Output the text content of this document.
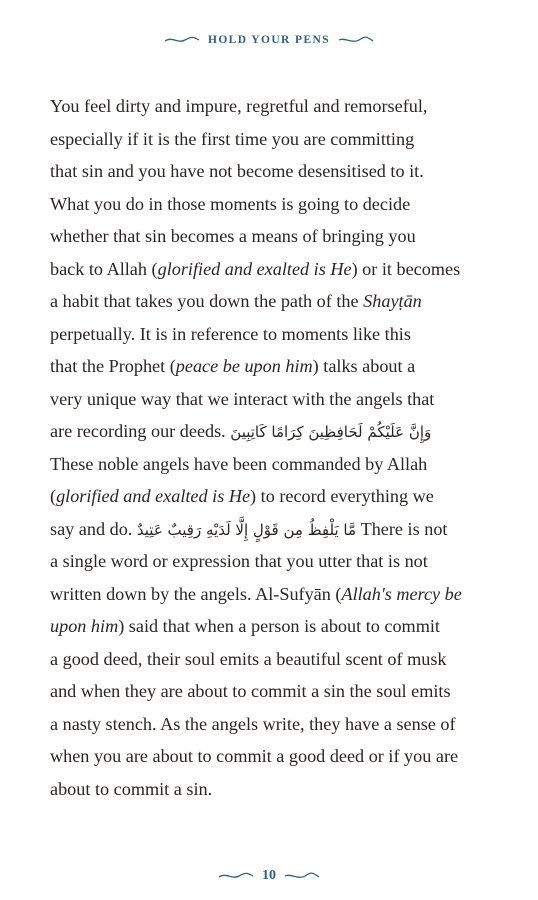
HOLD YOUR PENS
You feel dirty and impure, regretful and remorseful,
especially if it is the first time you are committing
that sin and you have not become desensitised to it.
What you do in those moments is going to decide
whether that sin becomes a means of bringing you
back to Allah (glorified and exalted is He) or it becomes
a habit that takes you down the path of the Shayṭān
perpetually. It is in reference to moments like this
that the Prophet (peace be upon him) talks about a
very unique way that we interact with the angels that
are recording our deeds. وَإِنَّ عَلَيْكُمْ لَحَافِظِينَ كِرَامًا كَاتِبِينَ
These noble angels have been commanded by Allah
(glorified and exalted is He) to record everything we
say and do. مَّا يَلْفِظُ مِن قَوْلٍ إِلَّا لَدَيْهِ رَقِيبٌ عَتِيدٌ There is not
a single word or expression that you utter that is not
written down by the angels. Al-Sufyān (Allah's mercy be
upon him) said that when a person is about to commit
a good deed, their soul emits a beautiful scent of musk
and when they are about to commit a sin the soul emits
a nasty stench. As the angels write, they have a sense of
when you are about to commit a good deed or if you are
about to commit a sin.
10
